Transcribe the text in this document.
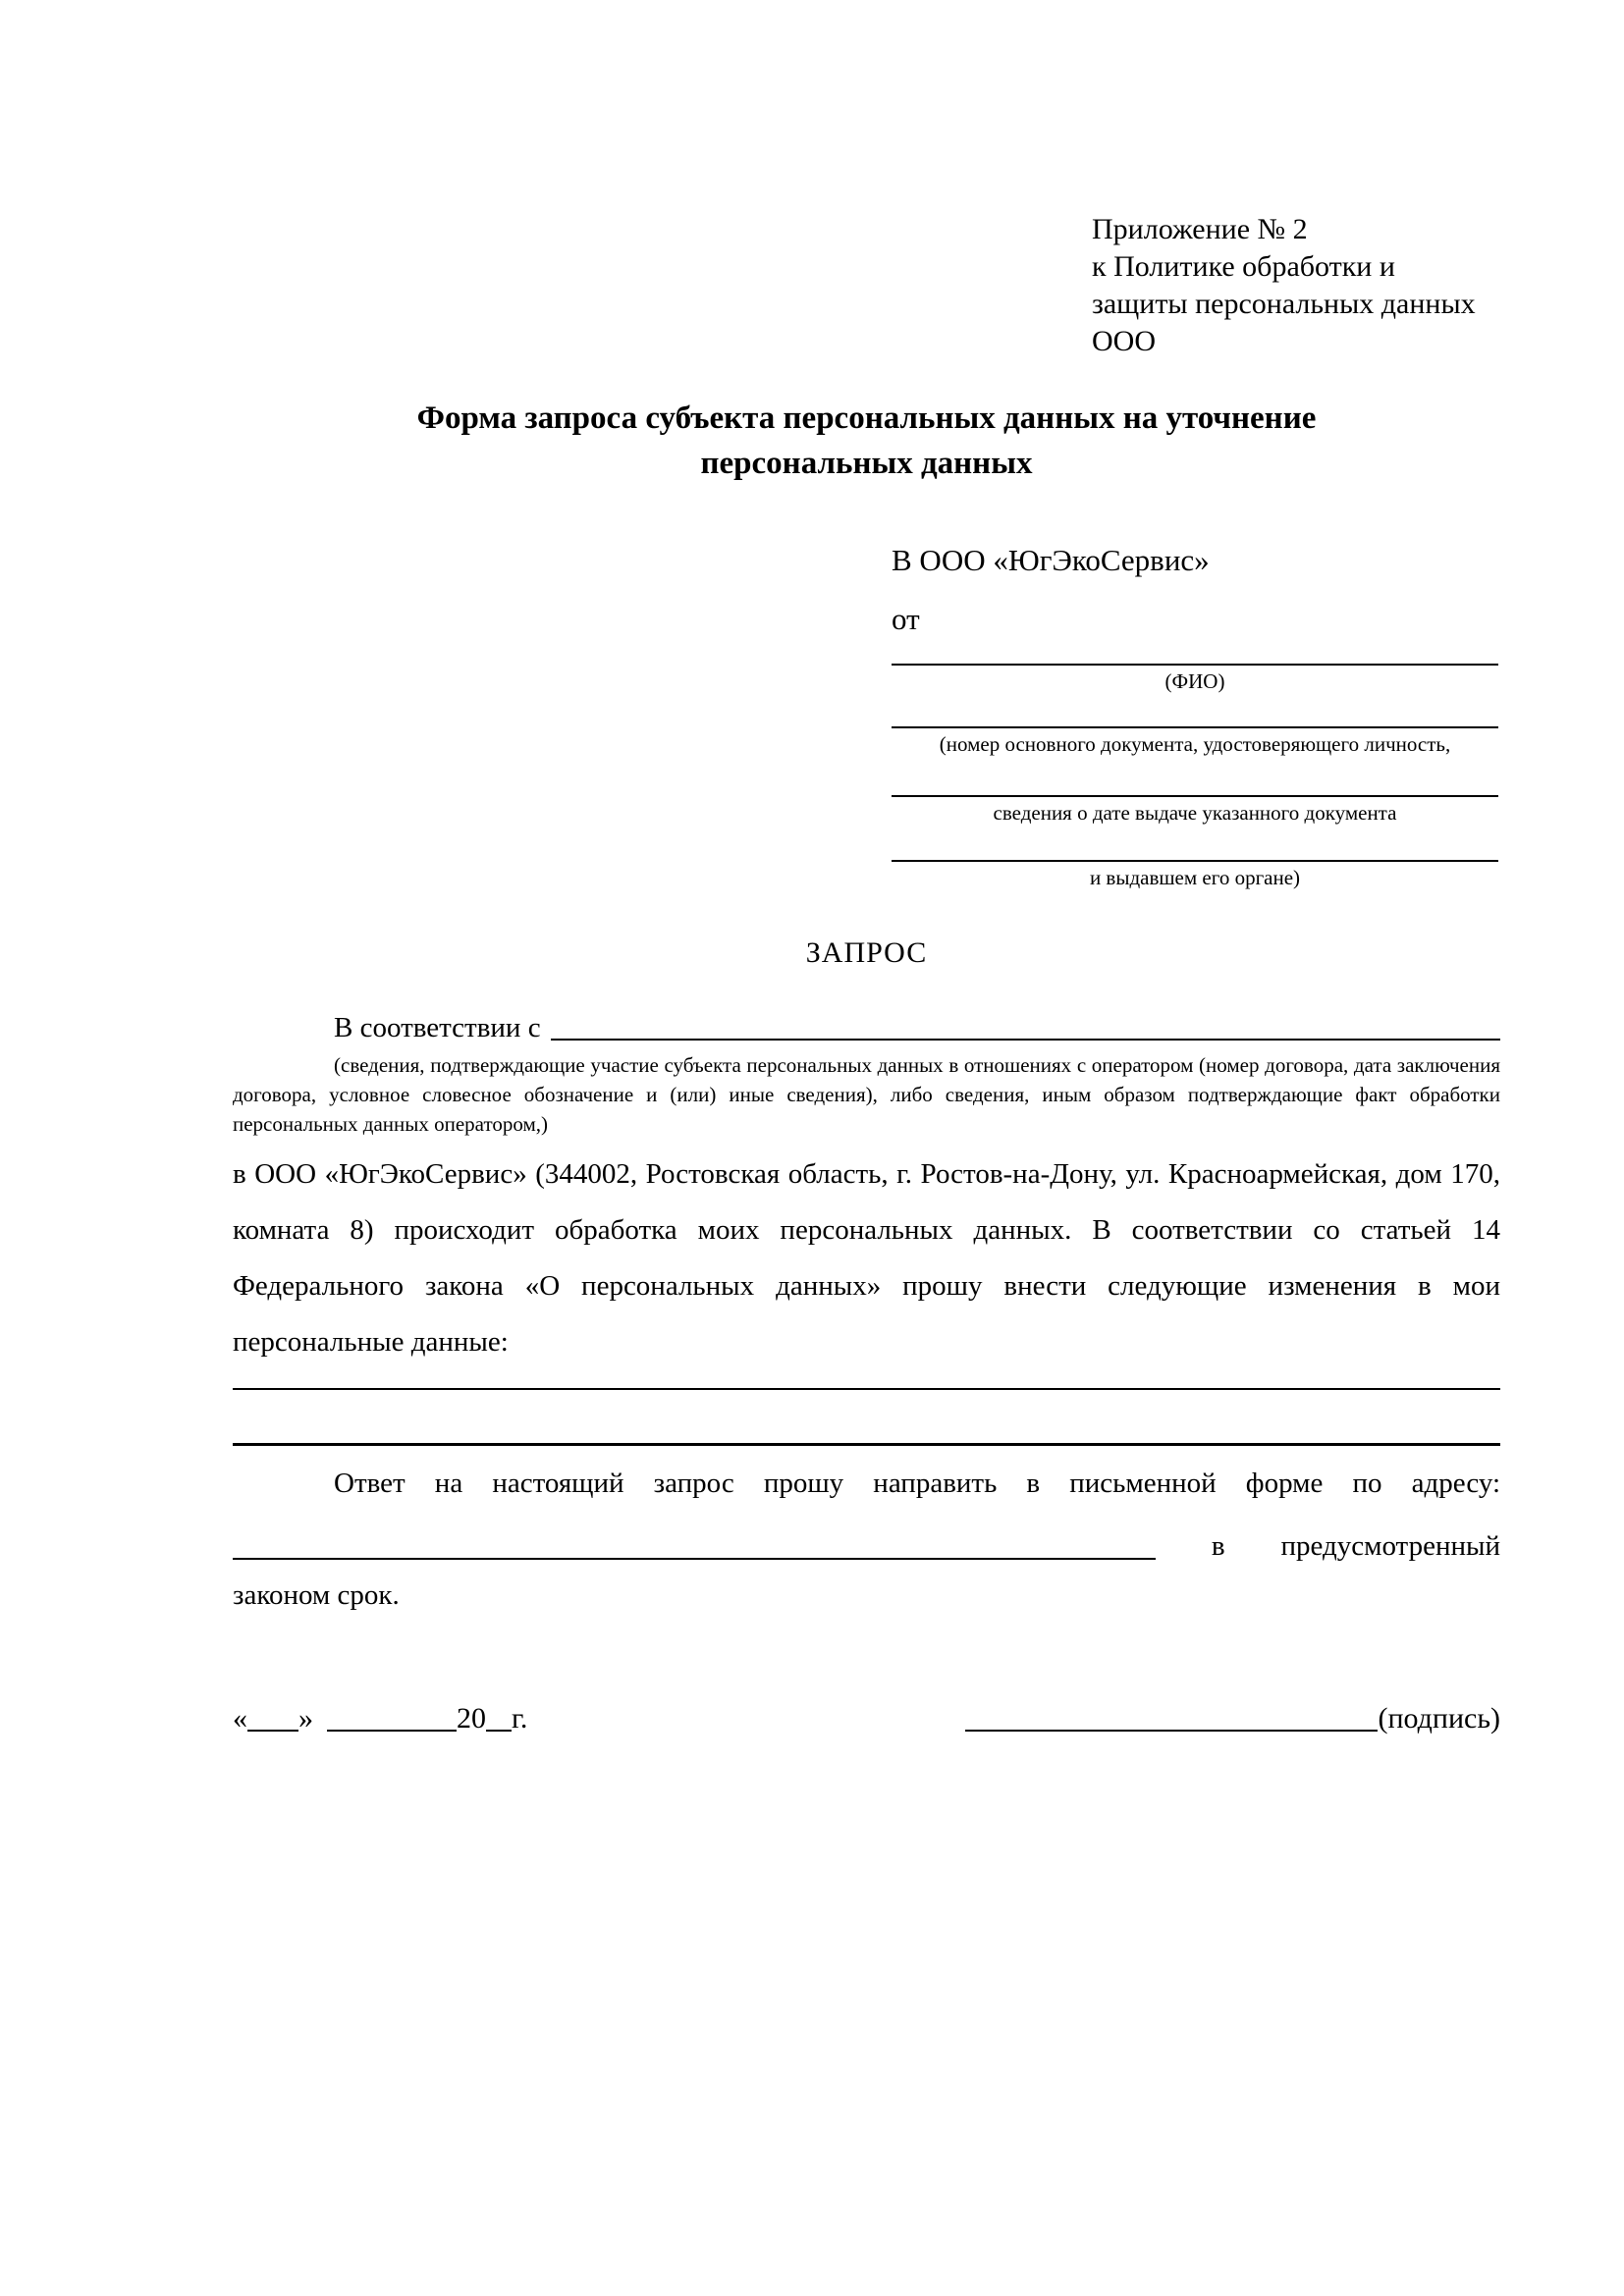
Приложение № 2
к Политике обработки и
защиты персональных данных
ООО
Форма запроса субъекта персональных данных на уточнение персональных данных
В ООО «ЮгЭкоСервис»
от
(ФИО)
(номер основного документа, удостоверяющего личность,
сведения о дате выдаче указанного документа
и выдавшем его органе)
ЗАПРОС
В соответствии с
(сведения, подтверждающие участие субъекта персональных данных в отношениях с оператором (номер договора, дата заключения договора, условное словесное обозначение и (или) иные сведения), либо сведения, иным образом подтверждающие факт обработки персональных данных оператором,)
в ООО «ЮгЭкоСервис» (344002, Ростовская область, г. Ростов-на-Дону, ул. Красноармейская, дом 170, комната 8) происходит обработка моих персональных данных. В соответствии со статьей 14 Федерального закона «О персональных данных» прошу внести следующие изменения в мои персональные данные:
Ответ на настоящий запрос прошу направить в письменной форме по адресу:
в предусмотренный
законом срок.
« »	20 г.	(подпись)
